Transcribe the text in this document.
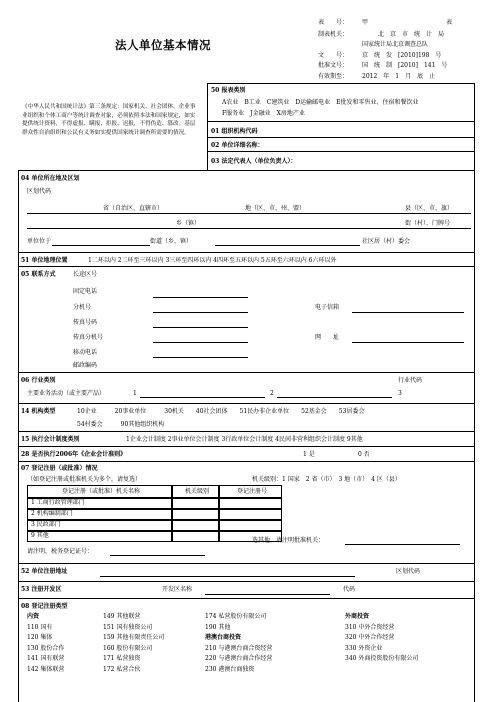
法人单位基本情况
表　　号： 甲　　　　　　　　　　　　　表
制表机关：	北　京　市　统　计　局
国家统计局北京调查总队
文　　号： 京　统　发　[2010]198　号
批准文号： 国　统　制　[2010]　141　号
有效期至： 2012　年　1　月　底　止
《中华人民共和国统计法》第三条规定：国家机关、社会团体、企业事业组织和个体工商户等统计调查对象，必须依照本法和国家规定，如实提供统计资料，不得虚报、瞒报、拒报、迟报，不得伪造、篡改。基层群众性自治组织和公民有义务如实提供国家统计调查所需要的情况。
50 报表类别
A农业　B工业　C建筑业　D运输邮电业　E批发和零售业、住宿和餐饮业
F服务业　J金融业　X房地产业
01 组织机构代码
02 单位详细名称：
03 法定代表人（单位负责人）：
04 单位所在地及区划
区划代码
省（自治区、直辖市）	地（区、市、州、盟）	县（区、市、旗）
乡（镇）	街（村）、门牌号
单位位于	街道（乡、镇）	社区居（村）委会
51 单位地理位置	1二环以内 2二环至三环以内 3三环至四环以内 4四环至五环以内 5五环至六环以内 6六环以外
05 联系方式	长途区号
固定电话
分机号	电子信箱
传真号码
传真分机号	网　　址
移动电话
邮政编码
06 行业类别	行业代码
主要业务活动（或主要产品）	1	2	3
14 机构类型	10企业　　　20事业单位　　　30机关　　40社会团体　　51民办非企业单位　　52基金会　　53居委会
54村委会　　　90其他组织机构
15 执行会计制度类别	1企业会计制度 2事业单位会计制度 3行政单位会计制度 4民间非营利组织会计制度 9其他
28 是否执行2006年《企业会计准则》	1 是	0 否
07 登记注册（或批准）情况
（如登记注册或批准机关为多个，请复选）	机关级别：1 国家　2 省（市）　3 地（市）　4 区（县）
登记注册（或批准）机关名称	机关级别	登记注册号
1 工商行政管理部门
2 机构编制部门
3 民政部门
9 其他
选其他，请注明批准机关：
请注明，税务登记证号：
52 单位注册地址	区划代码
53 注册开发区	开发区名称	代码
08 登记注册类型
内资
110 国有
120 集体
130 股份合作
141 国有联营
142 集体联营
149 其他联营
151 国有独资公司
159 其他有限责任公司
160 股份有限公司
171 私营独资
172 私营合伙
174 私营股份有限公司
190 其他
港澳台商投资
210 与港澳台商合资经营
220 与港澳台商合作经营
230 港澳台商独资
外商投资
310 中外合资经营
320 中外合作经营
330 外资企业
340 外商投资股份有限公司
